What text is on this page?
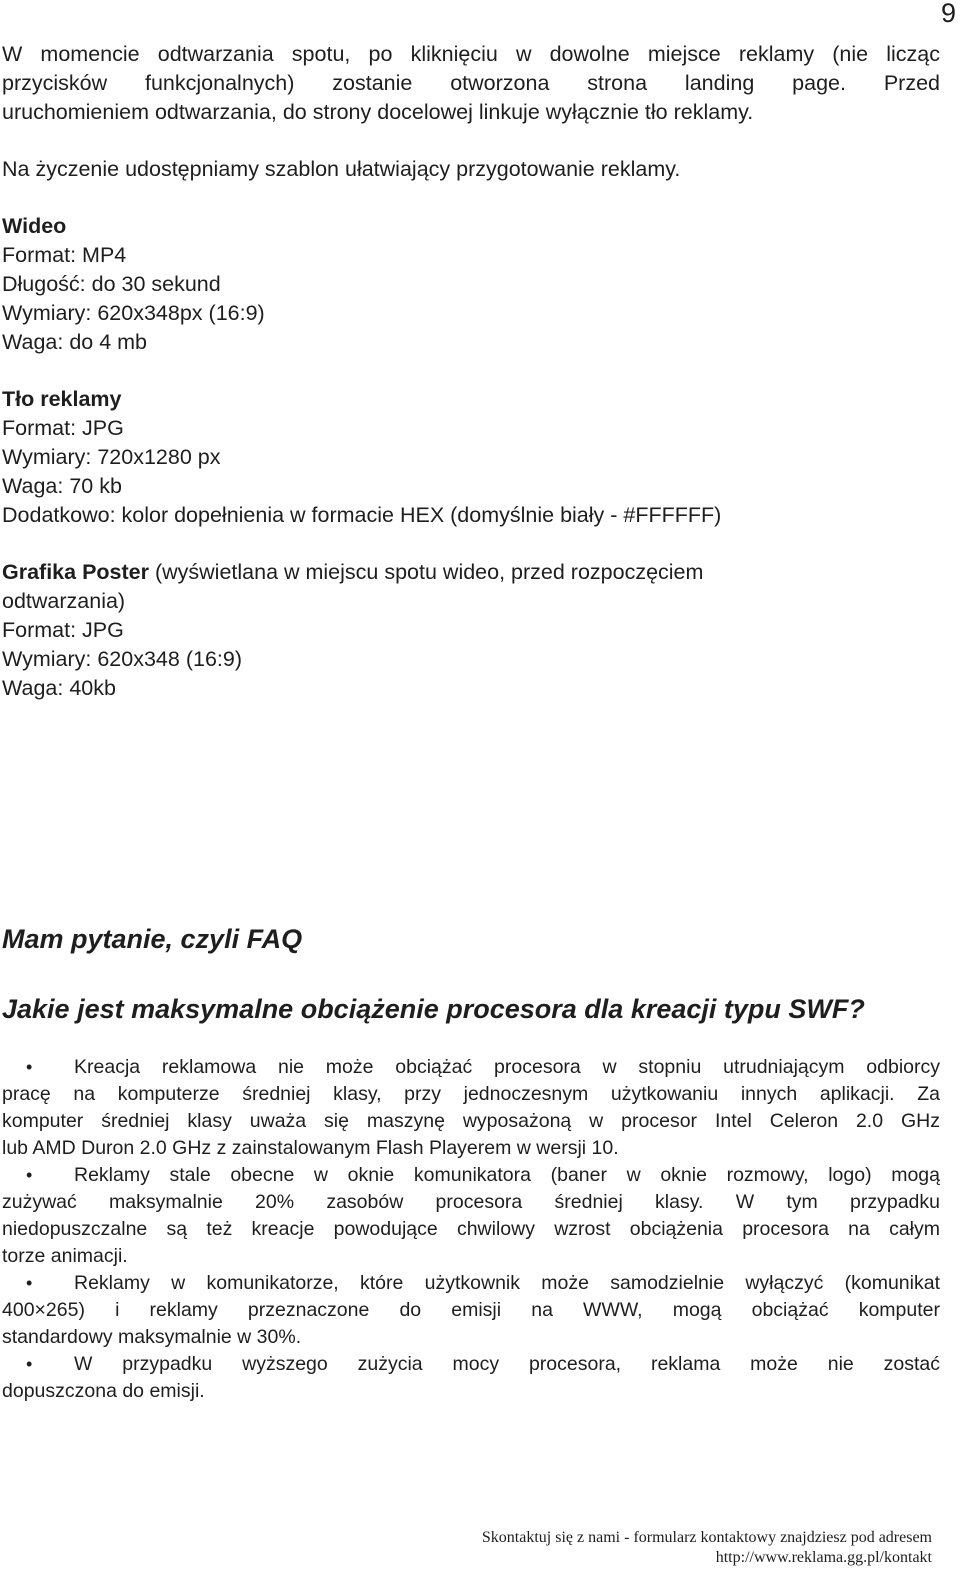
9
W momencie odtwarzania spotu, po kliknięciu w dowolne miejsce reklamy (nie licząc
przycisków funkcjonalnych) zostanie otworzona strona landing page. Przed
uruchomieniem odtwarzania, do strony docelowej linkuje wyłącznie tło reklamy.
Na życzenie udostępniamy szablon ułatwiający przygotowanie reklamy.
Wideo
Format: MP4
Długość: do 30 sekund
Wymiary: 620x348px (16:9)
Waga: do 4 mb
Tło reklamy
Format: JPG
Wymiary: 720x1280 px
Waga: 70 kb
Dodatkowo: kolor dopełnienia w formacie HEX (domyślnie biały - #FFFFFF)
Grafika Poster (wyświetlana w miejscu spotu wideo, przed rozpoczęciem
odtwarzania)
Format: JPG
Wymiary: 620x348 (16:9)
Waga: 40kb
Mam pytanie, czyli FAQ
Jakie jest maksymalne obciążenie procesora dla kreacji typu SWF?
•	Kreacja reklamowa nie może obciążać procesora w stopniu utrudniającym odbiorcy
pracę na komputerze średniej klasy, przy jednoczesnym użytkowaniu innych aplikacji. Za
komputer średniej klasy uważa się maszynę wyposażoną w procesor Intel Celeron 2.0 GHz
lub AMD Duron 2.0 GHz z zainstalowanym Flash Playerem w wersji 10.
•	Reklamy stale obecne w oknie komunikatora (baner w oknie rozmowy, logo) mogą
zużywać maksymalnie 20% zasobów procesora średniej klasy. W tym przypadku
niedopuszczalne są też kreacje powodujące chwilowy wzrost obciążenia procesora na całym
torze animacji.
•	Reklamy w komunikatorze, które użytkownik może samodzielnie wyłączyć (komunikat
400×265) i reklamy przeznaczone do emisji na WWW, mogą obciążać komputer
standardowy maksymalnie w 30%.
•	W przypadku wyższego zużycia mocy procesora, reklama może nie zostać
dopuszczona do emisji.
Skontaktuj się z nami - formularz kontaktowy znajdziesz pod adresem
http://www.reklama.gg.pl/kontakt
